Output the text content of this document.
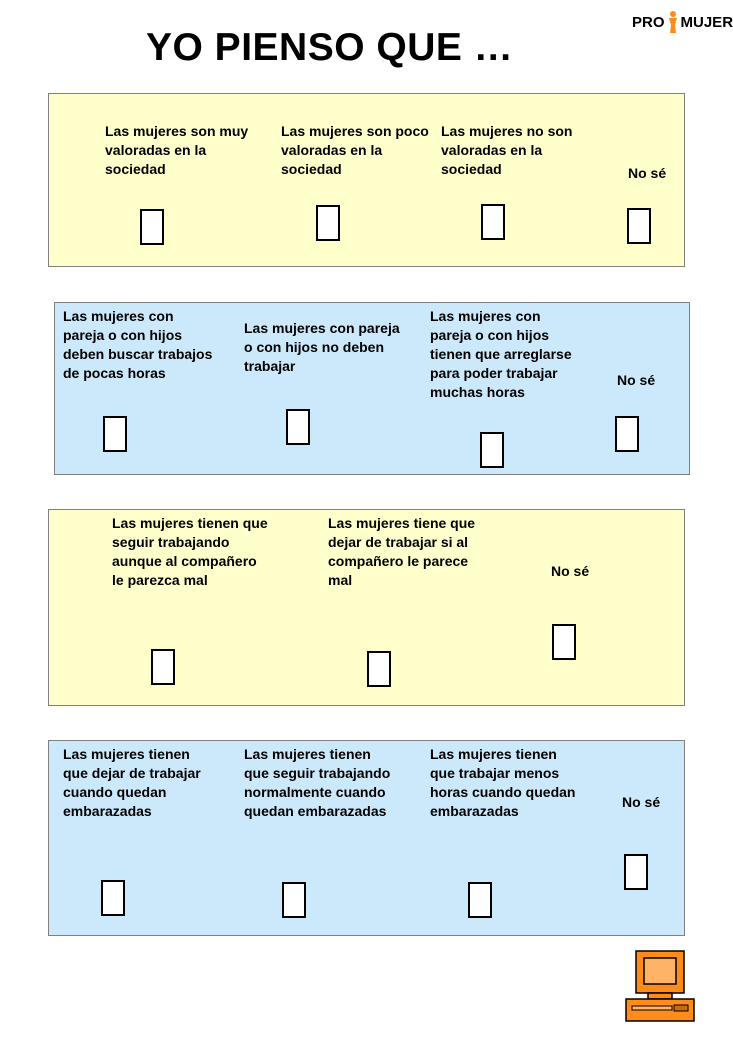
YO PIENSO QUE …
PRO MUJER
Las mujeres son muy valoradas en la sociedad
Las mujeres son poco valoradas en la sociedad
Las mujeres no son valoradas en la sociedad	No sé
Las mujeres con pareja o con hijos deben buscar trabajos de pocas horas
Las mujeres con pareja o con hijos no deben trabajar
Las mujeres con pareja o con hijos tienen que arreglarse para poder trabajar muchas horas
No sé
Las mujeres tienen que seguir trabajando aunque al compañero le parezca mal
Las mujeres tiene que dejar de trabajar si al compañero le parece mal
No sé
Las mujeres tienen que dejar de trabajar cuando quedan embarazadas
Las mujeres tienen que seguir trabajando normalmente cuando quedan embarazadas
Las mujeres tienen que trabajar menos horas cuando quedan embarazadas
No sé
